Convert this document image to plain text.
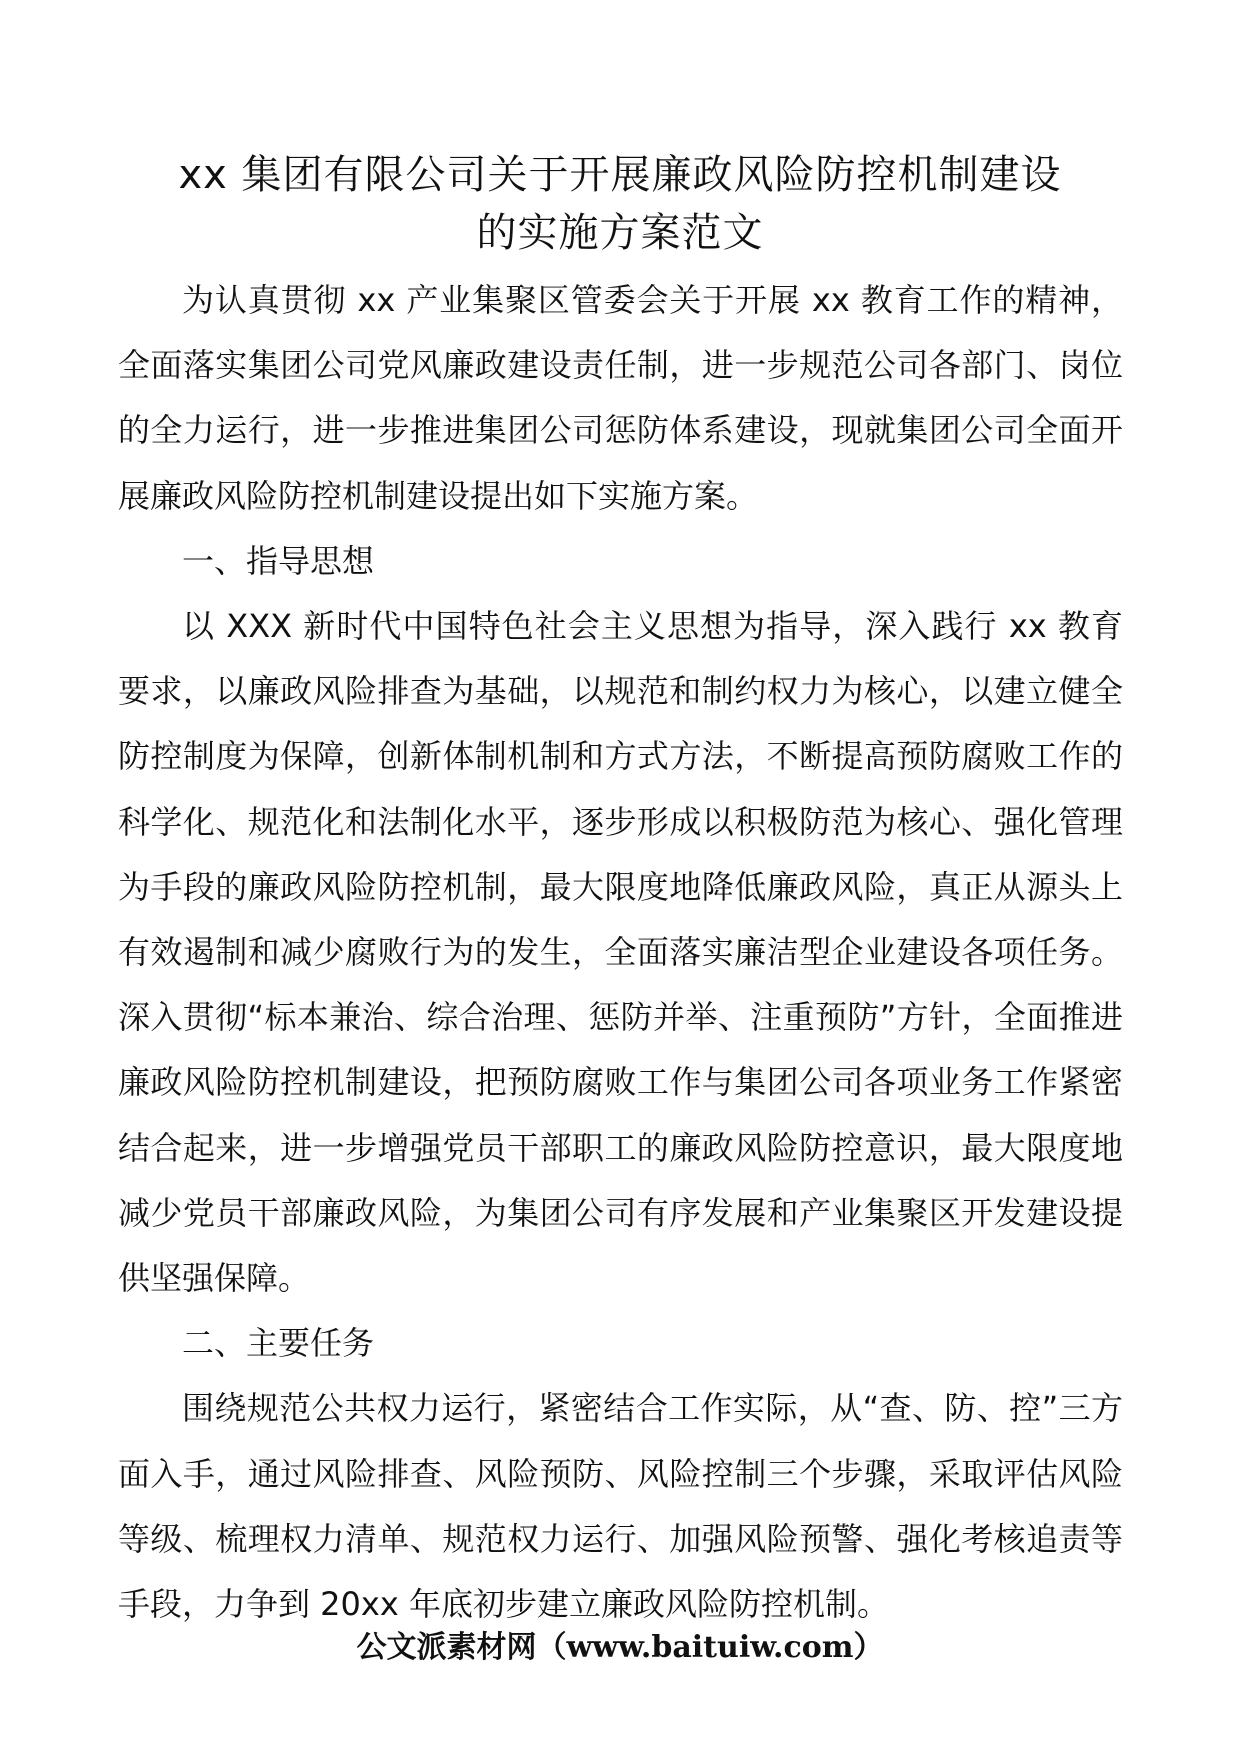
xx 集团有限公司关于开展廉政风险防控机制建设
的实施方案范文

为认真贯彻 xx 产业集聚区管委会关于开展 xx 教育工作的精神，全面落实集团公司党风廉政建设责任制，进一步规范公司各部门、岗位的全力运行，进一步推进集团公司惩防体系建设，现就集团公司全面开展廉政风险防控机制建设提出如下实施方案。

一、指导思想

以 XXX 新时代中国特色社会主义思想为指导，深入践行 xx 教育要求，以廉政风险排查为基础，以规范和制约权力为核心，以建立健全防控制度为保障，创新体制机制和方式方法，不断提高预防腐败工作的科学化、规范化和法制化水平，逐步形成以积极防范为核心、强化管理为手段的廉政风险防控机制，最大限度地降低廉政风险，真正从源头上有效遏制和减少腐败行为的发生，全面落实廉洁型企业建设各项任务。深入贯彻“标本兼治、综合治理、惩防并举、注重预防”方针，全面推进廉政风险防控机制建设，把预防腐败工作与集团公司各项业务工作紧密结合起来，进一步增强党员干部职工的廉政风险防控意识，最大限度地减少党员干部廉政风险，为集团公司有序发展和产业集聚区开发建设提供坚强保障。

二、主要任务

围绕规范公共权力运行，紧密结合工作实际，从“查、防、控”三方面入手，通过风险排查、风险预防、风险控制三个步骤，采取评估风险等级、梳理权力清单、规范权力运行、加强风险预警、强化考核追责等手段，力争到 20xx 年底初步建立廉政风险防控机制。

公文派素材网（www.baituiw.com）
